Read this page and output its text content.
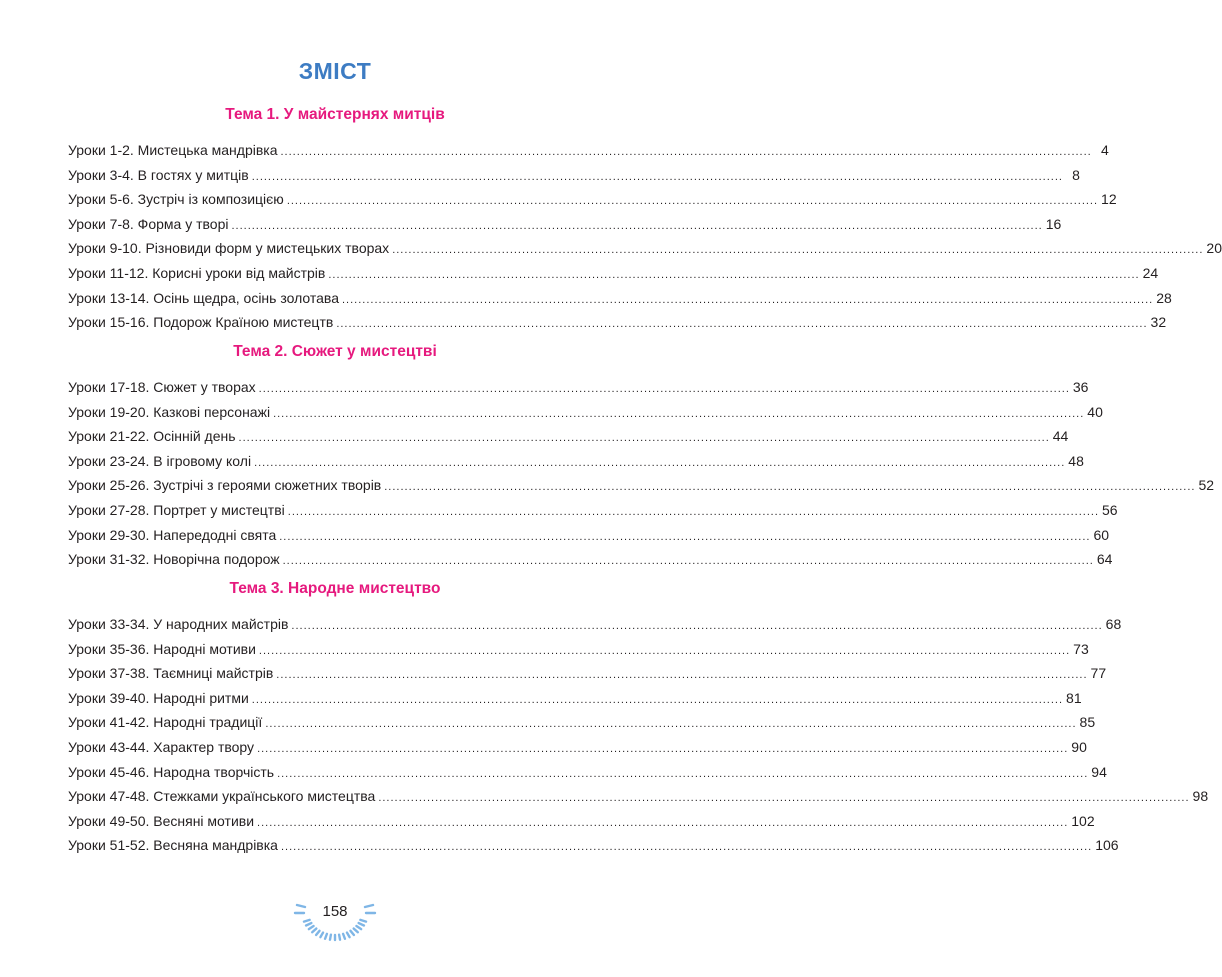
ЗМІСТ
Тема 1. У майстернях митців
Уроки 1-2. Мистецька мандрівка ........................................................................................................................................................................................................ 4
Уроки 3-4. В гостях у митців ........................................................................................................................................................................................................ 8
Уроки 5-6. Зустріч із композицією ........................................................................................................................................................................................................ 12
Уроки 7-8. Форма у творі ........................................................................................................................................................................................................ 16
Уроки 9-10. Різновиди форм у мистецьких творах ........................................................................................................................................................................................................ 20
Уроки 11-12. Корисні уроки від майстрів ........................................................................................................................................................................................................ 24
Уроки 13-14. Осінь щедра, осінь золотава ........................................................................................................................................................................................................ 28
Уроки 15-16. Подорож Країною мистецтв ........................................................................................................................................................................................................ 32
Тема 2. Сюжет у мистецтві
Уроки 17-18. Сюжет у творах ........................................................................................................................................................................................................ 36
Уроки 19-20. Казкові персонажі ........................................................................................................................................................................................................ 40
Уроки 21-22. Осінній день ........................................................................................................................................................................................................ 44
Уроки 23-24. В ігровому колі ........................................................................................................................................................................................................ 48
Уроки 25-26. Зустрічі з героями сюжетних творів ........................................................................................................................................................................................................ 52
Уроки 27-28. Портрет у мистецтві ........................................................................................................................................................................................................ 56
Уроки 29-30. Напередодні свята ........................................................................................................................................................................................................ 60
Уроки 31-32. Новорічна подорож ........................................................................................................................................................................................................ 64
Тема 3. Народне мистецтво
Уроки 33-34. У народних майстрів ........................................................................................................................................................................................................ 68
Уроки 35-36. Народні мотиви ........................................................................................................................................................................................................ 73
Уроки 37-38. Таємниці майстрів ........................................................................................................................................................................................................ 77
Уроки 39-40. Народні ритми ........................................................................................................................................................................................................ 81
Уроки 41-42. Народні традиції ........................................................................................................................................................................................................ 85
Уроки 43-44. Характер твору ........................................................................................................................................................................................................ 90
Уроки 45-46. Народна творчість ........................................................................................................................................................................................................ 94
Уроки 47-48. Стежками українського мистецтва ........................................................................................................................................................................................................ 98
Уроки 49-50. Весняні мотиви ........................................................................................................................................................................................................ 102
Уроки 51-52. Весняна мандрівка ........................................................................................................................................................................................................ 106
158
